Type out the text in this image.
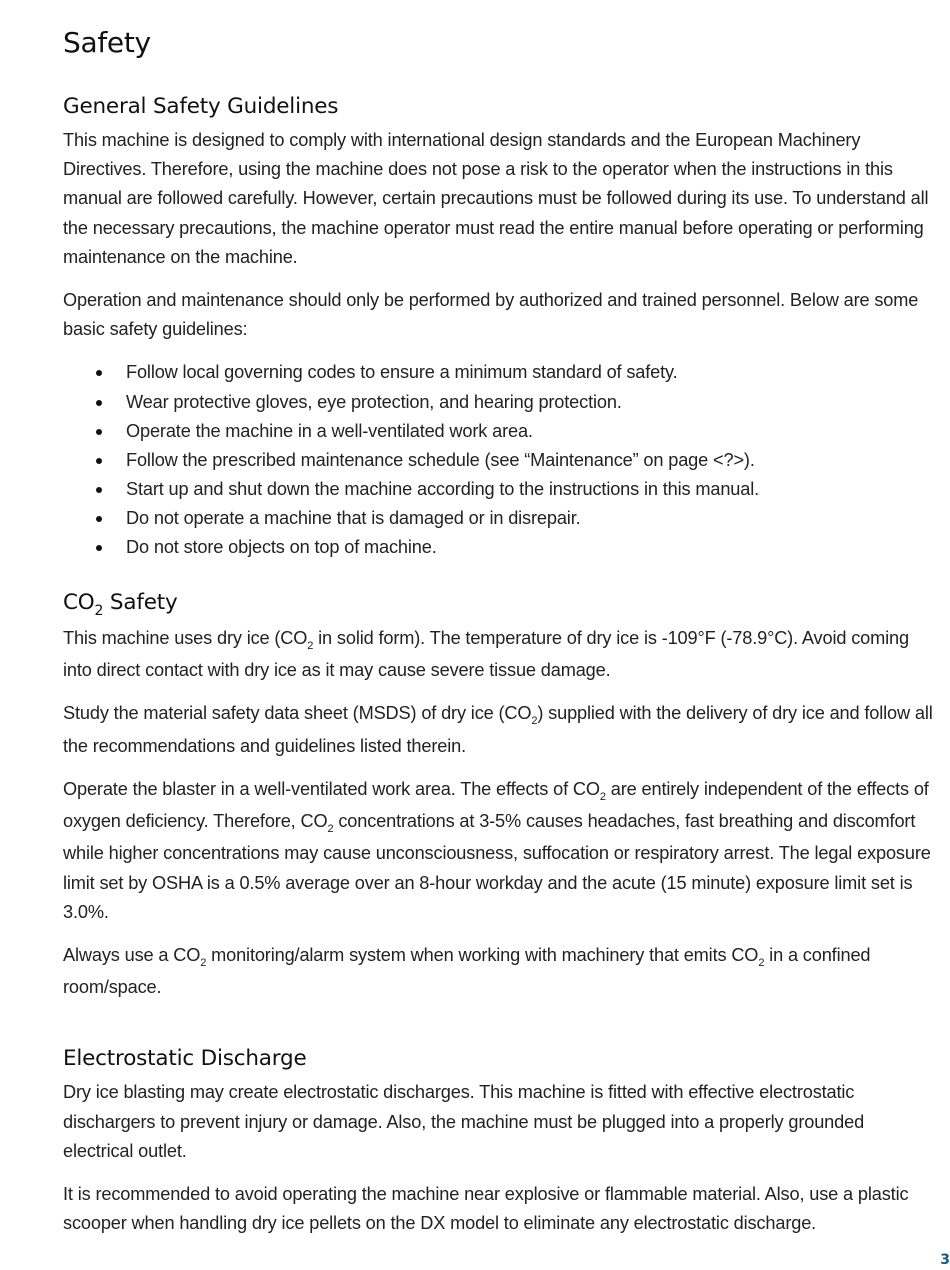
Safety
General Safety Guidelines

This machine is designed to comply with international design standards and the European Machinery Directives. Therefore, using the machine does not pose a risk to the operator when the instructions in this manual are followed carefully. However, certain precautions must be followed during its use. To understand all the necessary precautions, the machine operator must read the entire manual before operating or performing maintenance on the machine.

Operation and maintenance should only be performed by authorized and trained personnel. Below are some basic safety guidelines:

Follow local governing codes to ensure a minimum standard of safety.
Wear protective gloves, eye protection, and hearing protection.
Operate the machine in a well-ventilated work area.
Follow the prescribed maintenance schedule (see “Maintenance” on page <?>).
Start up and shut down the machine according to the instructions in this manual.
Do not operate a machine that is damaged or in disrepair.
Do not store objects on top of machine.
$CO_2$ Safety

This machine uses dry ice ($CO_2$ in solid form). The temperature of dry ice is -109°F (-78.9°C). Avoid coming into direct contact with dry ice as it may cause severe tissue damage.

Study the material safety data sheet (MSDS) of dry ice $(CO_2)$ supplied with the delivery of dry ice and follow all the recommendations and guidelines listed therein.

Operate the blaster in a well-ventilated work area. The effects of $CO_2$ are entirely independent of the effects of oxygen deficiency. Therefore, $CO_2$ concentrations at 3-5% causes headaches, fast breathing and discomfort while higher concentrations may cause unconsciousness, suffocation or respiratory arrest. The legal exposure limit set by OSHA is a 0.5% average over an 8-hour workday and the acute (15 minute) exposure limit set is 3.0%.

Always use a $CO_2$ monitoring/alarm system when working with machinery that emits $CO_2$ in a confined room/space.

Electrostatic Discharge

Dry ice blasting may create electrostatic discharges. This machine is fitted with effective electrostatic dischargers to prevent injury or damage. Also, the machine must be plugged into a properly grounded electrical outlet.

It is recommended to avoid operating the machine near explosive or flammable material. Also, use a plastic scooper when handling dry ice pellets on the DX model to eliminate any electrostatic discharge.

3
